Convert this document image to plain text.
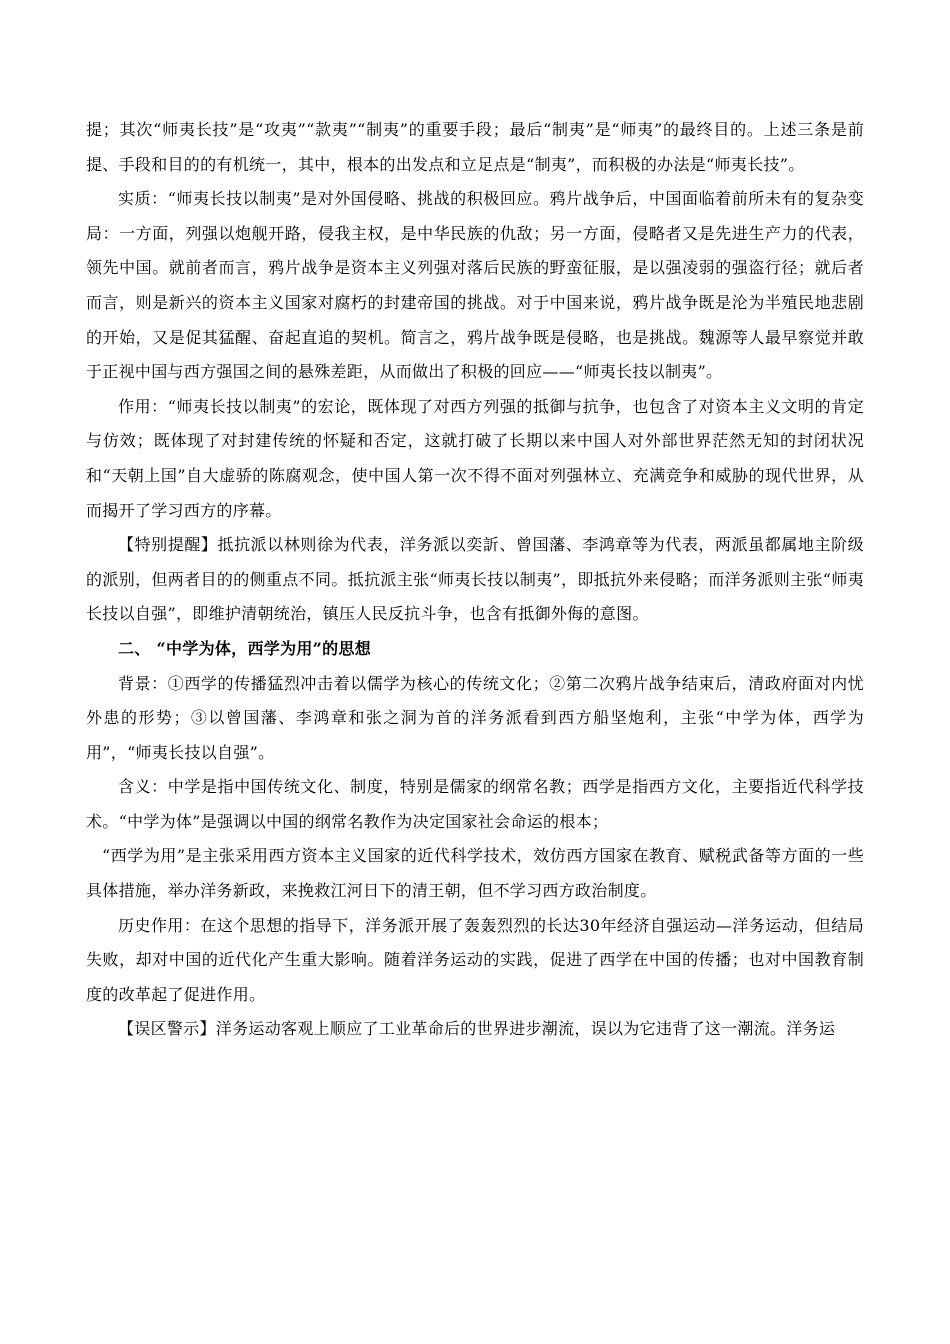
提；其次“师夷长技”是“攻夷”“款夷”“制夷”的重要手段；最后“制夷”是“师夷”的最终目的。上述三条是前提、手段和目的的有机统一，其中，根本的出发点和立足点是“制夷”，而积极的办法是“师夷长技”。

实质：“师夷长技以制夷”是对外国侵略、挑战的积极回应。鸦片战争后，中国面临着前所未有的复杂变局：一方面，列强以炮舰开路，侵我主权，是中华民族的仇敌；另一方面，侵略者又是先进生产力的代表，领先中国。就前者而言，鸦片战争是资本主义列强对落后民族的野蛮征服，是以强凌弱的强盗行径；就后者而言，则是新兴的资本主义国家对腐朽的封建帝国的挑战。对于中国来说，鸦片战争既是沦为半殖民地悲剧的开始，又是促其猛醒、奋起直追的契机。简言之，鸦片战争既是侵略，也是挑战。魏源等人最早察觉并敢于正视中国与西方强国之间的悬殊差距，从而做出了积极的回应——“师夷长技以制夷”。

作用：“师夷长技以制夷”的宏论，既体现了对西方列强的抵御与抗争，也包含了对资本主义文明的肯定与仿效；既体现了对封建传统的怀疑和否定，这就打破了长期以来中国人对外部世界茫然无知的封闭状况和“天朝上国”自大虚骄的陈腐观念，使中国人第一次不得不面对列强林立、充满竞争和威胁的现代世界，从而揭开了学习西方的序幕。

【特别提醒】抵抗派以林则徐为代表，洋务派以奕訢、曾国藩、李鸿章等为代表，两派虽都属地主阶级的派别，但两者目的的侧重点不同。抵抗派主张“师夷长技以制夷”，即抵抗外来侵略；而洋务派则主张“师夷长技以自强”，即维护清朝统治，镇压人民反抗斗争，也含有抵御外侮的意图。

二、 “中学为体，西学为用”的思想

背景：①西学的传播猛烈冲击着以儒学为核心的传统文化；②第二次鸦片战争结束后，清政府面对内忧外患的形势；③以曾国藩、李鸿章和张之洞为首的洋务派看到西方船坚炮利，主张“中学为体，西学为用”，“师夷长技以自强”。

含义：中学是指中国传统文化、制度，特别是儒家的纲常名教；西学是指西方文化，主要指近代科学技术。“中学为体”是强调以中国的纲常名教作为决定国家社会命运的根本；

“西学为用”是主张采用西方资本主义国家的近代科学技术，效仿西方国家在教育、赋税武备等方面的一些具体措施，举办洋务新政，来挽救江河日下的清王朝，但不学习西方政治制度。

历史作用：在这个思想的指导下，洋务派开展了轰轰烈烈的长达30年经济自强运动—洋务运动，但结局失败，却对中国的近代化产生重大影响。随着洋务运动的实践，促进了西学在中国的传播；也对中国教育制度的改革起了促进作用。

【误区警示】洋务运动客观上顺应了工业革命后的世界进步潮流，误以为它违背了这一潮流。洋务运
